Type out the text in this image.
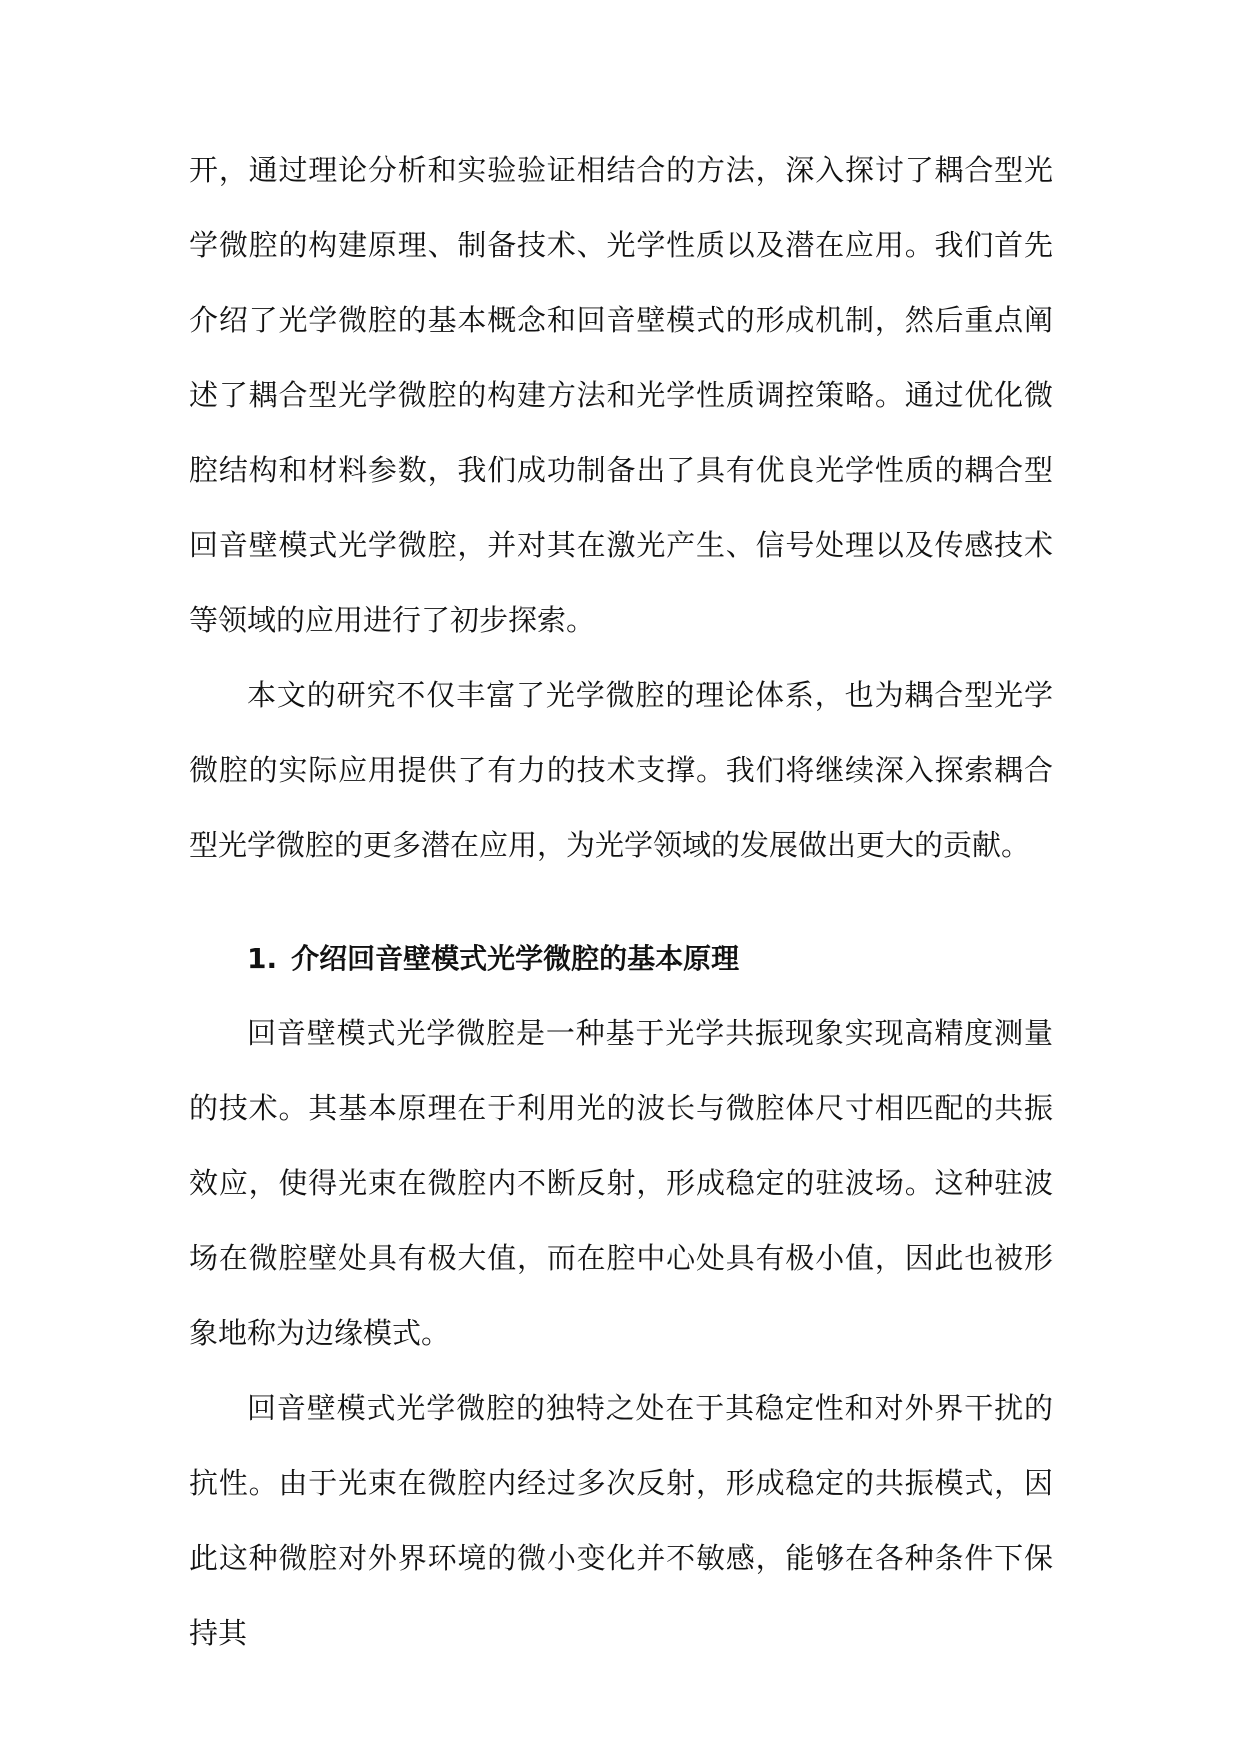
开，通过理论分析和实验验证相结合的方法，深入探讨了耦合型光学微腔的构建原理、制备技术、光学性质以及潜在应用。我们首先介绍了光学微腔的基本概念和回音壁模式的形成机制，然后重点阐述了耦合型光学微腔的构建方法和光学性质调控策略。通过优化微腔结构和材料参数，我们成功制备出了具有优良光学性质的耦合型回音壁模式光学微腔，并对其在激光产生、信号处理以及传感技术等领域的应用进行了初步探索。

本文的研究不仅丰富了光学微腔的理论体系，也为耦合型光学微腔的实际应用提供了有力的技术支撑。我们将继续深入探索耦合型光学微腔的更多潜在应用，为光学领域的发展做出更大的贡献。

1. 介绍回音壁模式光学微腔的基本原理

回音壁模式光学微腔是一种基于光学共振现象实现高精度测量的技术。其基本原理在于利用光的波长与微腔体尺寸相匹配的共振效应，使得光束在微腔内不断反射，形成稳定的驻波场。这种驻波场在微腔壁处具有极大值，而在腔中心处具有极小值，因此也被形象地称为边缘模式。

回音壁模式光学微腔的独特之处在于其稳定性和对外界干扰的抗性。由于光束在微腔内经过多次反射，形成稳定的共振模式，因此这种微腔对外界环境的微小变化并不敏感，能够在各种条件下保持其
